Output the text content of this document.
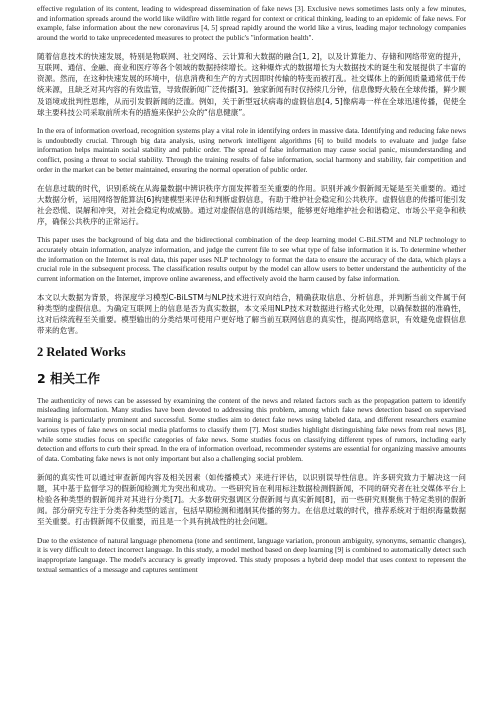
effective regulation of its content, leading to widespread dissemination of fake news [3]. Exclusive news sometimes lasts only a few minutes, and information spreads around the world like wildfire with little regard for context or critical thinking, leading to an epidemic of fake news. For example, false information about the new coronavirus [4, 5] spread rapidly around the world like a virus, leading major technology companies around the world to take unprecedented measures to protect the public's "information health".

随着信息技术的快速发展，特别是物联网、社交网络、云计算和大数据的融合[1, 2]，以及计算能力、存储和网络带宽的提升，互联网、通信、金融、商业和医疗等各个领域的数据持续增长。这种爆炸式的数据增长为大数据技术的诞生和发展提供了丰富的资源。然而，在这种快速发展的环境中，信息消费和生产的方式因即时传输的特变而被打乱。社交媒体上的新闻质量通常低于传统来源，且缺乏对其内容的有效监管，导致假新闻广泛传播[3]。独家新闻有时仅持续几分钟，信息像野火般在全球传播，鲜少顾及语境或批判性思维，从而引发假新闻的泛滥。例如，关于新型冠状病毒的虚假信息[4, 5]像病毒一样在全球迅速传播，促使全球主要科技公司采取前所未有的措施来保护公众的“信息健康”。

In the era of information overload, recognition systems play a vital role in identifying orders in massive data. Identifying and reducing fake news is undoubtedly crucial. Through big data analysis, using network intelligent algorithms [6] to build models to evaluate and judge false information helps maintain social stability and public order. The spread of false information may cause social panic, misunderstanding and conflict, posing a threat to social stability. Through the training results of false information, social harmony and stability, fair competition and order in the market can be better maintained, ensuring the normal operation of public order.

在信息过载的时代，识别系统在从海量数据中辨识秩序方面发挥着至关重要的作用。识别并减少假新闻无疑是至关重要的。通过大数据分析，运用网络智能算法[6]构建模型来评估和判断虚假信息，有助于维护社会稳定和公共秩序。虚假信息的传播可能引发社会恐慌、误解和冲突，对社会稳定构成威胁。通过对虚假信息的训练结果，能够更好地维护社会和谐稳定、市场公平竞争和秩序，确保公共秩序的正常运行。

This paper uses the background of big data and the bidirectional combination of the deep learning model C-BiLSTM and NLP technology to accurately obtain information, analyze information, and judge the current file to see what type of false information it is. To determine whether the information on the Internet is real data, this paper uses NLP technology to format the data to ensure the accuracy of the data, which plays a crucial role in the subsequent process. The classification results output by the model can allow users to better understand the authenticity of the current information on the Internet, improve online awareness, and effectively avoid the harm caused by false information.

本文以大数据为背景，将深度学习模型C-BiLSTM与NLP技术进行双向结合，精确获取信息、分析信息，并判断当前文件属于何种类型的虚假信息。为确定互联网上的信息是否为真实数据，本文采用NLP技术对数据进行格式化处理，以确保数据的准确性，这对后续流程至关重要。模型输出的分类结果可使用户更好地了解当前互联网信息的真实性，提高网络意识，有效避免虚假信息带来的危害。

2 Related Works
2 相关工作

The authenticity of news can be assessed by examining the content of the news and related factors such as the propagation pattern to identify misleading information. Many studies have been devoted to addressing this problem, among which fake news detection based on supervised learning is particularly prominent and successful. Some studies aim to detect fake news using labeled data, and different researchers examine various types of fake news on social media platforms to classify them [7]. Most studies highlight distinguishing fake news from real news [8], while some studies focus on specific categories of fake news. Some studies focus on classifying different types of rumors, including early detection and efforts to curb their spread. In the era of information overload, recommender systems are essential for organizing massive amounts of data. Combating fake news is not only important but also a challenging social problem.

新闻的真实性可以通过审查新闻内容及相关因素（如传播模式）来进行评估，以识别误导性信息。许多研究致力于解决这一问题，其中基于监督学习的假新闻检测尤为突出和成功。一些研究旨在利用标注数据检测假新闻，不同的研究者在社交媒体平台上检验各种类型的假新闻并对其进行分类[7]。大多数研究强调区分假新闻与真实新闻[8]，而一些研究则聚焦于特定类别的假新闻。部分研究专注于分类各种类型的谣言，包括早期检测和遏制其传播的努力。在信息过载的时代，推荐系统对于组织海量数据至关重要。打击假新闻不仅重要，而且是一个具有挑战性的社会问题。

Due to the existence of natural language phenomena (tone and sentiment, language variation, pronoun ambiguity, synonyms, semantic changes), it is very difficult to detect incorrect language. In this study, a model method based on deep learning [9] is combined to automatically detect such inappropriate language. The model's accuracy is greatly improved. This study proposes a hybrid deep model that uses context to represent the textual semantics of a message and captures sentiment
